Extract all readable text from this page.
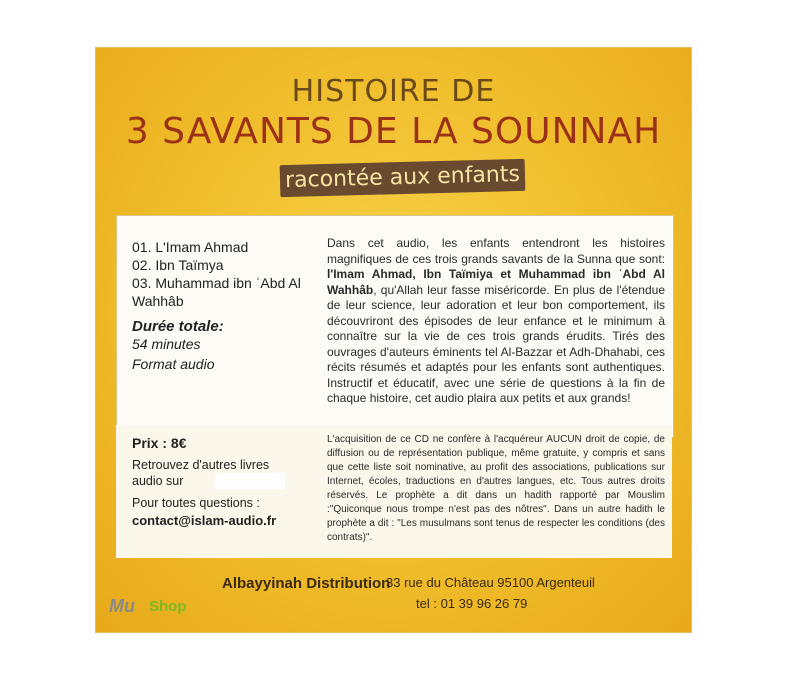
HISTOIRE DE
3 SAVANTS DE LA SOUNNAH
racontée aux enfants
01. L'Imam Ahmad
02. Ibn Taïmya
03. Muhammad ibn ʿAbd Al
Wahhâb
Durée totale:
54 minutes
Format audio
Dans cet audio, les enfants entendront les histoires magnifiques de ces trois grands savants de la Sunna que sont: l'Imam Ahmad, Ibn Taïmiya et Muhammad ibn ʿAbd Al Wahhâb, qu'Allah leur fasse miséricorde. En plus de l'étendue de leur science, leur adoration et leur bon comportement, ils découvriront des épisodes de leur enfance et le minimum à connaître sur la vie de ces trois grands érudits. Tirés des ouvrages d'auteurs éminents tel Al-Bazzar et Adh-Dhahabi, ces récits résumés et adaptés pour les enfants sont authentiques. Instructif et éducatif, avec une série de questions à la fin de chaque histoire, cet audio plaira aux petits et aux grands!
Prix : 8€
Retrouvez d'autres livres audio sur
Pour toutes questions :
contact@islam-audio.fr
L'acquisition de ce CD ne confère à l'acquéreur AUCUN droit de copie, de diffusion ou de représentation publique, même gratuite, y compris et sans que cette liste soit nominative, au profit des associations, publications sur Internet, écoles, traductions en d'autres langues, etc. Tous autres droits réservés. Le prophète a dit dans un hadith rapporté par Mouslim :"Quiconque nous trompe n'est pas des nôtres". Dans un autre hadith le prophète a dit : "Les musulmans sont tenus de respecter les conditions (des contrats)".
Albayyinah Distribution
33 rue du Château 95100 Argenteuil
tel : 01 39 96 26 79
Mu Shop
